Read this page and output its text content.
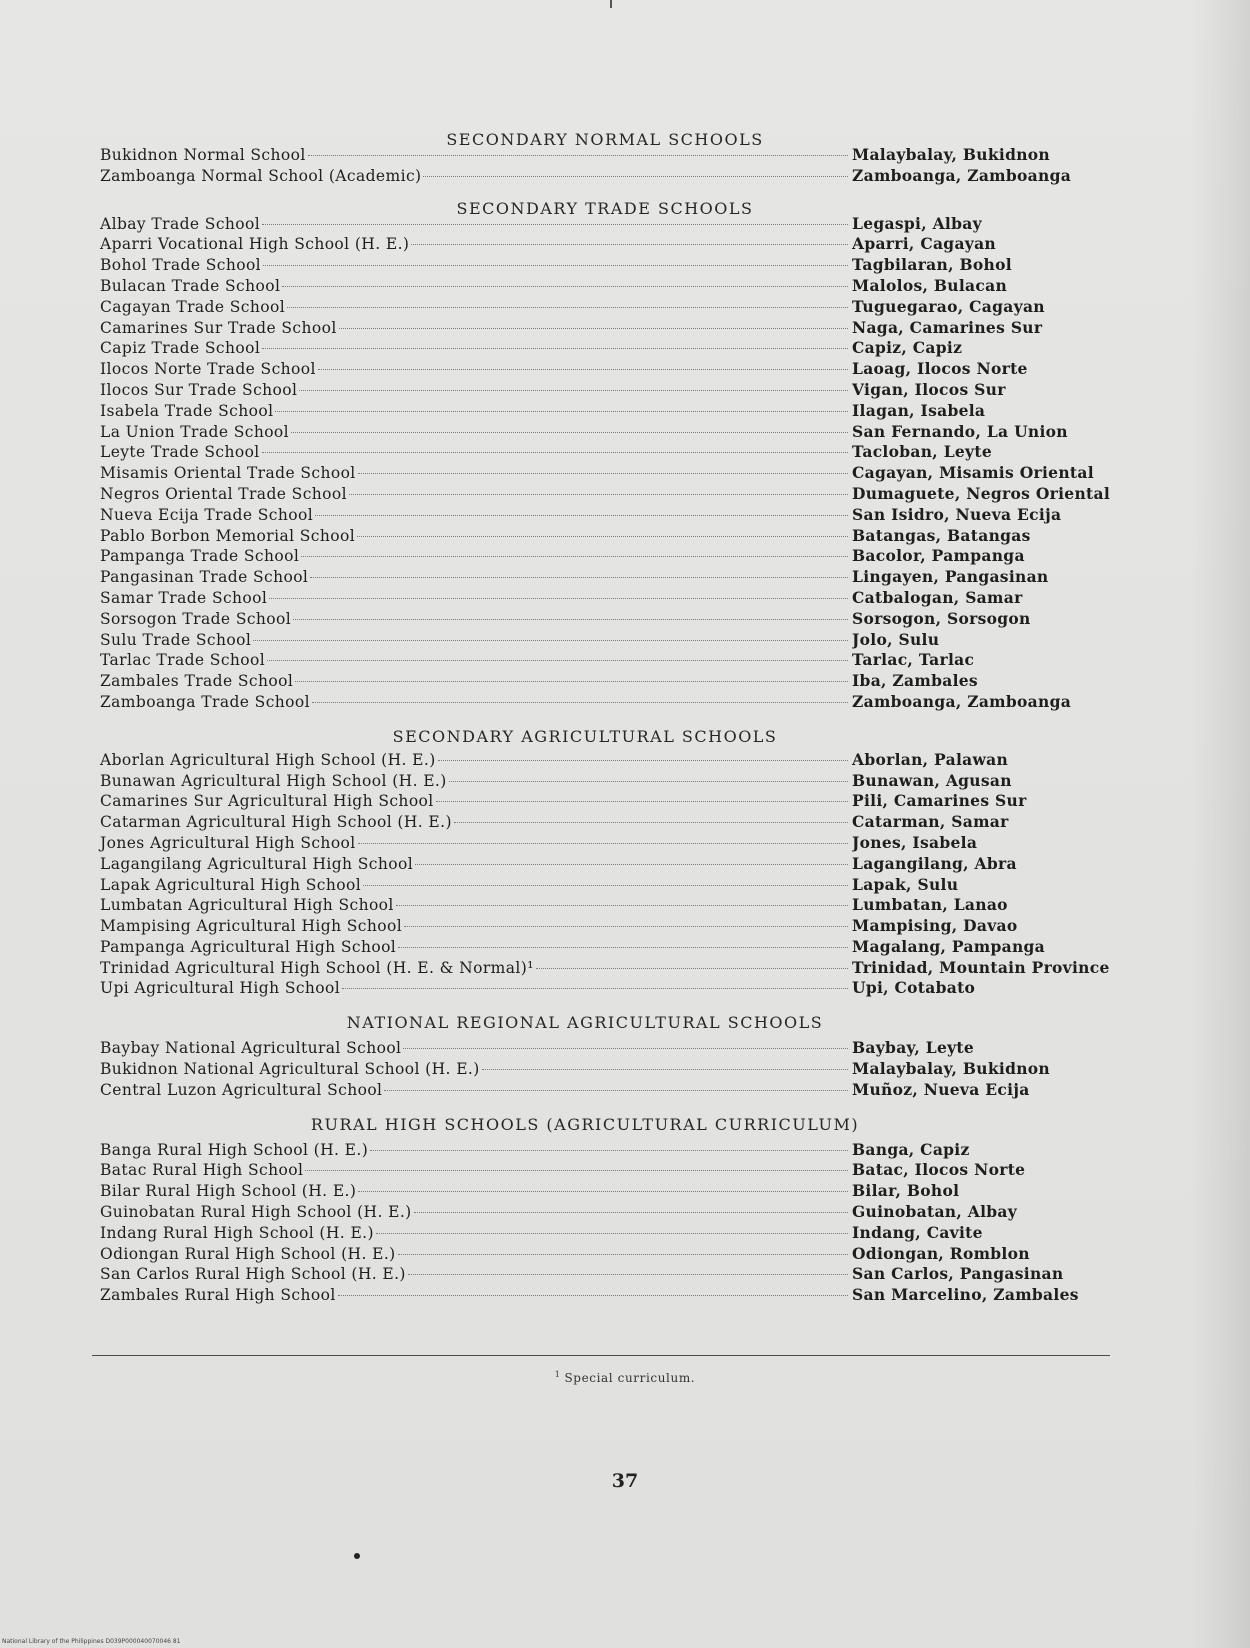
SECONDARY NORMAL SCHOOLS
Bukidnon Normal School	Malaybalay, Bukidnon
Zamboanga Normal School (Academic)	Zamboanga, Zamboanga
SECONDARY TRADE SCHOOLS
Albay Trade School	Legaspi, Albay
Aparri Vocational High School (H. E.)	Aparri, Cagayan
Bohol Trade School	Tagbilaran, Bohol
Bulacan Trade School	Malolos, Bulacan
Cagayan Trade School	Tuguegarao, Cagayan
Camarines Sur Trade School	Naga, Camarines Sur
Capiz Trade School	Capiz, Capiz
Ilocos Norte Trade School	Laoag, Ilocos Norte
Ilocos Sur Trade School	Vigan, Ilocos Sur
Isabela Trade School	Ilagan, Isabela
La Union Trade School	San Fernando, La Union
Leyte Trade School	Tacloban, Leyte
Misamis Oriental Trade School	Cagayan, Misamis Oriental
Negros Oriental Trade School	Dumaguete, Negros Oriental
Nueva Ecija Trade School	San Isidro, Nueva Ecija
Pablo Borbon Memorial School	Batangas, Batangas
Pampanga Trade School	Bacolor, Pampanga
Pangasinan Trade School	Lingayen, Pangasinan
Samar Trade School	Catbalogan, Samar
Sorsogon Trade School	Sorsogon, Sorsogon
Sulu Trade School	Jolo, Sulu
Tarlac Trade School	Tarlac, Tarlac
Zambales Trade School	Iba, Zambales
Zamboanga Trade School	Zamboanga, Zamboanga
SECONDARY AGRICULTURAL SCHOOLS
Aborlan Agricultural High School (H. E.)	Aborlan, Palawan
Bunawan Agricultural High School (H. E.)	Bunawan, Agusan
Camarines Sur Agricultural High School	Pili, Camarines Sur
Catarman Agricultural High School (H. E.)	Catarman, Samar
Jones Agricultural High School	Jones, Isabela
Lagangilang Agricultural High School	Lagangilang, Abra
Lapak Agricultural High School	Lapak, Sulu
Lumbatan Agricultural High School	Lumbatan, Lanao
Mampising Agricultural High School	Mampising, Davao
Pampanga Agricultural High School	Magalang, Pampanga
Trinidad Agricultural High School (H. E. & Normal)¹	Trinidad, Mountain Province
Upi Agricultural High School	Upi, Cotabato
NATIONAL REGIONAL AGRICULTURAL SCHOOLS
Baybay National Agricultural School	Baybay, Leyte
Bukidnon National Agricultural School (H. E.)	Malaybalay, Bukidnon
Central Luzon Agricultural School	Muñoz, Nueva Ecija
RURAL HIGH SCHOOLS (AGRICULTURAL CURRICULUM)
Banga Rural High School (H. E.)	Banga, Capiz
Batac Rural High School	Batac, Ilocos Norte
Bilar Rural High School (H. E.)	Bilar, Bohol
Guinobatan Rural High School (H. E.)	Guinobatan, Albay
Indang Rural High School (H. E.)	Indang, Cavite
Odiongan Rural High School (H. E.)	Odiongan, Romblon
San Carlos Rural High School (H. E.)	San Carlos, Pangasinan
Zambales Rural High School	San Marcelino, Zambales
$^1$ Special curriculum.
37
National Library of the Philippines D039P000040070046 81
